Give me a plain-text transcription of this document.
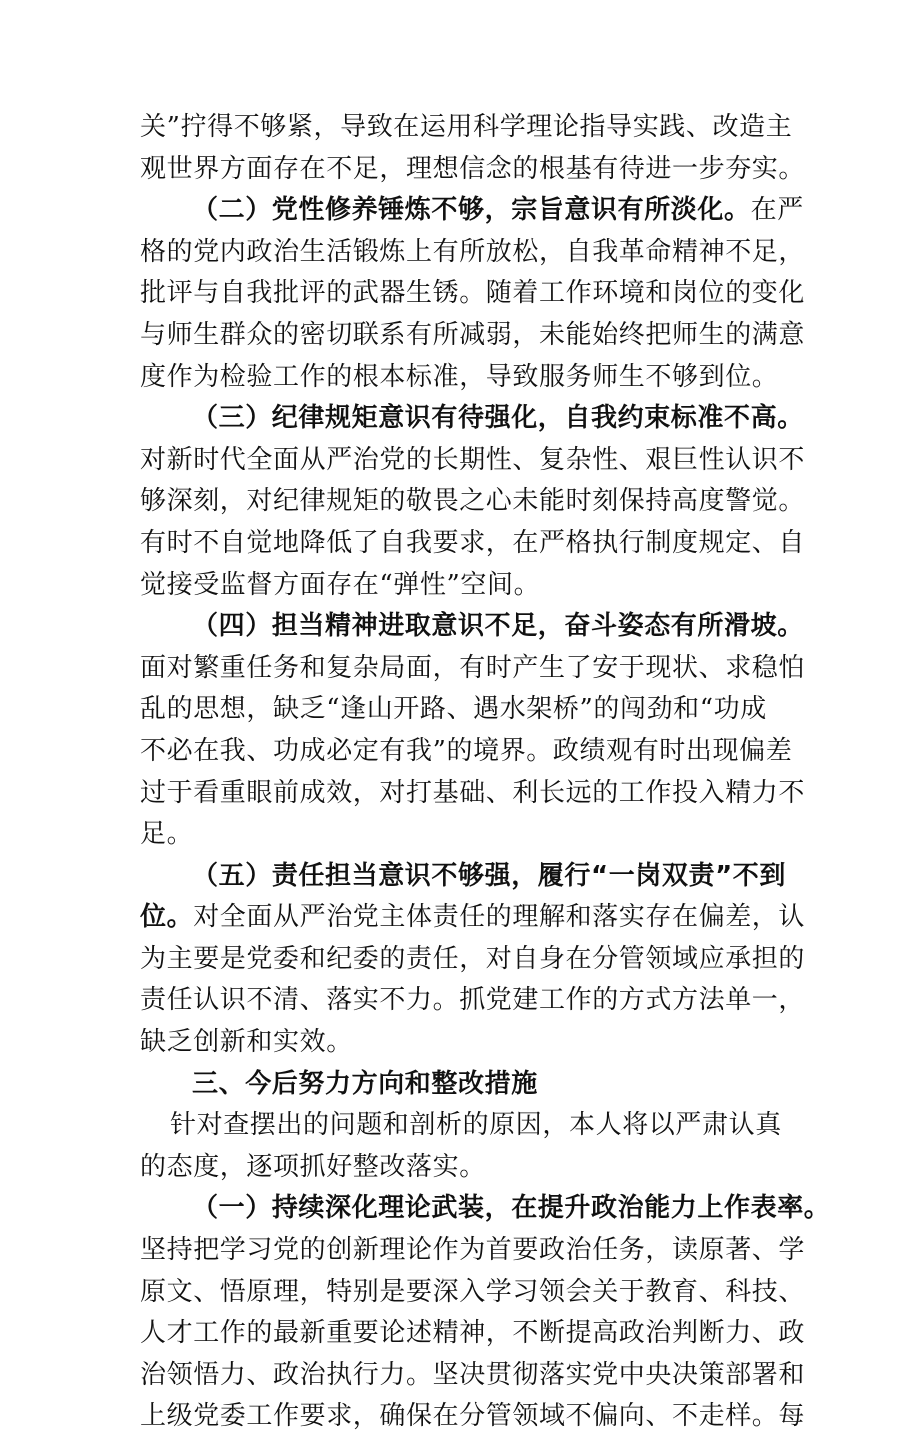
关”拧得不够紧，导致在运用科学理论指导实践、改造主
观世界方面存在不足，理想信念的根基有待进一步夯实。
（二）党性修养锤炼不够，宗旨意识有所淡化。在严
格的党内政治生活锻炼上有所放松，自我革命精神不足，
批评与自我批评的武器生锈。随着工作环境和岗位的变化
与师生群众的密切联系有所减弱，未能始终把师生的满意
度作为检验工作的根本标准，导致服务师生不够到位。
（三）纪律规矩意识有待强化，自我约束标准不高。
对新时代全面从严治党的长期性、复杂性、艰巨性认识不
够深刻，对纪律规矩的敬畏之心未能时刻保持高度警觉。
有时不自觉地降低了自我要求，在严格执行制度规定、自
觉接受监督方面存在“弹性”空间。
（四）担当精神进取意识不足，奋斗姿态有所滑坡。
面对繁重任务和复杂局面，有时产生了安于现状、求稳怕
乱的思想，缺乏“逢山开路、遇水架桥”的闯劲和“功成
不必在我、功成必定有我”的境界。政绩观有时出现偏差
过于看重眼前成效，对打基础、利长远的工作投入精力不
足。
（五）责任担当意识不够强，履行“一岗双责”不到
位。对全面从严治党主体责任的理解和落实存在偏差，认
为主要是党委和纪委的责任，对自身在分管领域应承担的
责任认识不清、落实不力。抓党建工作的方式方法单一，
缺乏创新和实效。
三、今后努力方向和整改措施
针对查摆出的问题和剖析的原因，本人将以严肃认真
的态度，逐项抓好整改落实。
（一）持续深化理论武装，在提升政治能力上作表率。
坚持把学习党的创新理论作为首要政治任务，读原著、学
原文、悟原理，特别是要深入学习领会关于教育、科技、
人才工作的最新重要论述精神，不断提高政治判断力、政
治领悟力、政治执行力。坚决贯彻落实党中央决策部署和
上级党委工作要求，确保在分管领域不偏向、不走样。每
